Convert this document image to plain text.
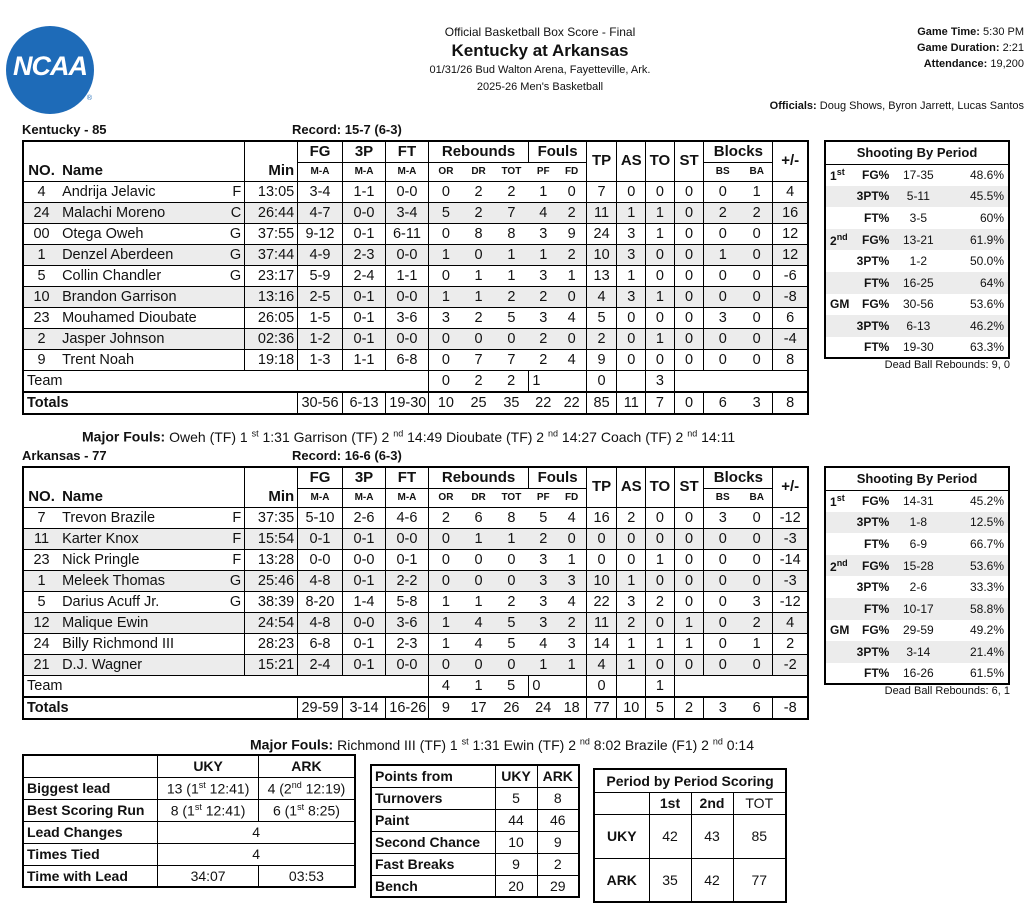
NCAA
®
Official Basketball Box Score - Final
Kentucky at Arkansas
01/31/26 Bud Walton Arena, Fayetteville, Ark.
2025-26 Men's Basketball
Game Time: 5:30 PM
Game Duration: 2:21
Attendance: 19,200
Officials: Doug Shows, Byron Jarrett, Lucas Santos
Kentucky - 85	Record: 15-7 (6-3)
NO.	Name	Min	FG	3P	FT	Rebounds			Fouls		TP	AS	TO	ST	Blocks		+/-
			M-A	M-A	M-A	OR	DR	TOT	PF	FD					BS	BA	
4	Andrija Jelavic F	13:05	3-4	1-1	0-0	0	2	2	1	0	7	0	0	0	0	1	4
24	Malachi Moreno C	26:44	4-7	0-0	3-4	5	2	7	4	2	11	1	1	0	2	2	16
00	Otega Oweh G	37:55	9-12	0-1	6-11	0	8	8	3	9	24	3	1	0	0	0	12
1	Denzel Aberdeen G	37:44	4-9	2-3	0-0	1	0	1	1	2	10	3	0	0	1	0	12
5	Collin Chandler G	23:17	5-9	2-4	1-1	0	1	1	3	1	13	1	0	0	0	0	-6
10	Brandon Garrison	13:16	2-5	0-1	0-0	1	1	2	2	0	4	3	1	0	0	0	-8
23	Mouhamed Dioubate	26:05	1-5	0-1	3-6	3	2	5	3	4	5	0	0	0	3	0	6
2	Jasper Johnson	02:36	1-2	0-1	0-0	0	0	0	2	0	2	0	1	0	0	0	-4
9	Trent Noah	19:18	1-3	1-1	6-8	0	7	7	2	4	9	0	0	0	0	0	8
Team						0	2	2	1		0		3				
Totals			30-56	6-13	19-30	10	25	35	22	22	85	11	7	0	6	3	8
Shooting By Period			
1st	FG%	17-35	48.6%
	3PT%	5-11	45.5%
	FT%	3-5	60%
2nd	FG%	13-21	61.9%
	3PT%	1-2	50.0%
	FT%	16-25	64%
GM	FG%	30-56	53.6%
	3PT%	6-13	46.2%
	FT%	19-30	63.3%
Dead Ball Rebounds: 9, 0
Major Fouls: Oweh (TF) 1 $^{st}$ 1:31 Garrison (TF) 2 $^{nd}$ 14:49 Dioubate (TF) 2 $^{nd}$ 14:27 Coach (TF) 2 $^{nd}$ 14:11
Arkansas - 77	Record: 16-6 (6-3)
NO.	Name	Min	FG	3P	FT	Rebounds			Fouls		TP	AS	TO	ST	Blocks		+/-
			M-A	M-A	M-A	OR	DR	TOT	PF	FD					BS	BA	
7	Trevon Brazile F	37:35	5-10	2-6	4-6	2	6	8	5	4	16	2	0	0	3	0	-12
11	Karter Knox F	15:54	0-1	0-1	0-0	0	1	1	2	0	0	0	0	0	0	0	-3
23	Nick Pringle F	13:28	0-0	0-0	0-1	0	0	0	3	1	0	0	1	0	0	0	-14
1	Meleek Thomas G	25:46	4-8	0-1	2-2	0	0	0	3	3	10	1	0	0	0	0	-3
5	Darius Acuff Jr. G	38:39	8-20	1-4	5-8	1	1	2	3	4	22	3	2	0	0	3	-12
12	Malique Ewin	24:54	4-8	0-0	3-6	1	4	5	3	2	11	2	0	1	0	2	4
24	Billy Richmond III	28:23	6-8	0-1	2-3	1	4	5	4	3	14	1	1	1	0	1	2
21	D.J. Wagner	15:21	2-4	0-1	0-0	0	0	0	1	1	4	1	0	0	0	0	-2
Team						4	1	5	0		0		1				
Totals			29-59	3-14	16-26	9	17	26	24	18	77	10	5	2	3	6	-8
Shooting By Period			
1st	FG%	14-31	45.2%
	3PT%	1-8	12.5%
	FT%	6-9	66.7%
2nd	FG%	15-28	53.6%
	3PT%	2-6	33.3%
	FT%	10-17	58.8%
GM	FG%	29-59	49.2%
	3PT%	3-14	21.4%
	FT%	16-26	61.5%
Dead Ball Rebounds: 6, 1
Major Fouls: Richmond III (TF) 1 $^{st}$ 1:31 Ewin (TF) 2 $^{nd}$ 8:02 Brazile (F1) 2 $^{nd}$ 0:14
	UKY	ARK
Biggest lead	13 (1st 12:41)	4 (2nd 12:19)
Best Scoring Run	8 (1st 12:41)	6 (1st 8:25)
Lead Changes	4	
Times Tied	4	
Time with Lead	34:07	03:53
Points from	UKY	ARK
Turnovers	5	8
Paint	44	46
Second Chance	10	9
Fast Breaks	9	2
Bench	20	29
Period by Period Scoring			
	1st	2nd	TOT
UKY	42	43	85
ARK	35	42	77
